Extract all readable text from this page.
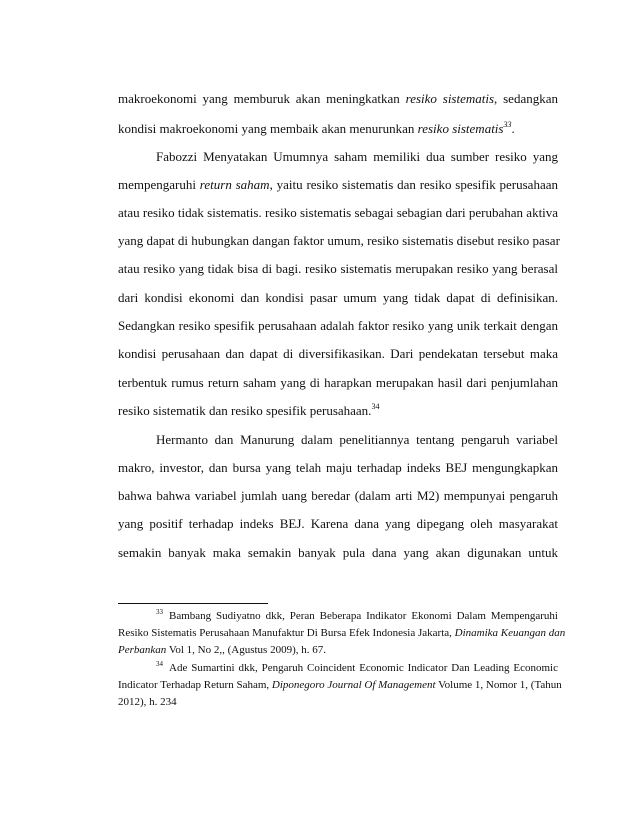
makroekonomi yang memburuk akan meningkatkan resiko sistematis, sedangkan
kondisi makroekonomi yang membaik akan menurunkan resiko sistematis$^{33}$.
Fabozzi Menyatakan Umumnya saham memiliki dua sumber resiko yang
mempengaruhi return saham, yaitu resiko sistematis dan resiko spesifik perusahaan
atau resiko tidak sistematis. resiko sistematis sebagai sebagian dari perubahan aktiva
yang dapat di hubungkan dangan faktor umum, resiko sistematis disebut resiko pasar
atau resiko yang tidak bisa di bagi. resiko sistematis merupakan resiko yang berasal
dari kondisi ekonomi dan kondisi pasar umum yang tidak dapat di definisikan.
Sedangkan resiko spesifik perusahaan adalah faktor resiko yang unik terkait dengan
kondisi perusahaan dan dapat di diversifikasikan. Dari pendekatan tersebut maka
terbentuk rumus return saham yang di harapkan merupakan hasil dari penjumlahan
resiko sistematik dan resiko spesifik perusahaan.$^{34}$
Hermanto dan Manurung dalam penelitiannya tentang pengaruh variabel
makro, investor, dan bursa yang telah maju terhadap indeks BEJ mengungkapkan
bahwa bahwa variabel jumlah uang beredar (dalam arti M2) mempunyai pengaruh
yang positif terhadap indeks BEJ. Karena dana yang dipegang oleh masyarakat
semakin banyak maka semakin banyak pula dana yang akan digunakan untuk
$^{33}$ Bambang Sudiyatno dkk, Peran Beberapa Indikator Ekonomi Dalam Mempengaruhi
Resiko Sistematis Perusahaan Manufaktur Di Bursa Efek Indonesia Jakarta, Dinamika Keuangan dan
Perbankan Vol 1, No 2,, (Agustus 2009), h. 67.
$^{34}$ Ade Sumartini dkk, Pengaruh Coincident Economic Indicator Dan Leading Economic
Indicator Terhadap Return Saham, Diponegoro Journal Of Management Volume 1, Nomor 1, (Tahun
2012), h. 234
